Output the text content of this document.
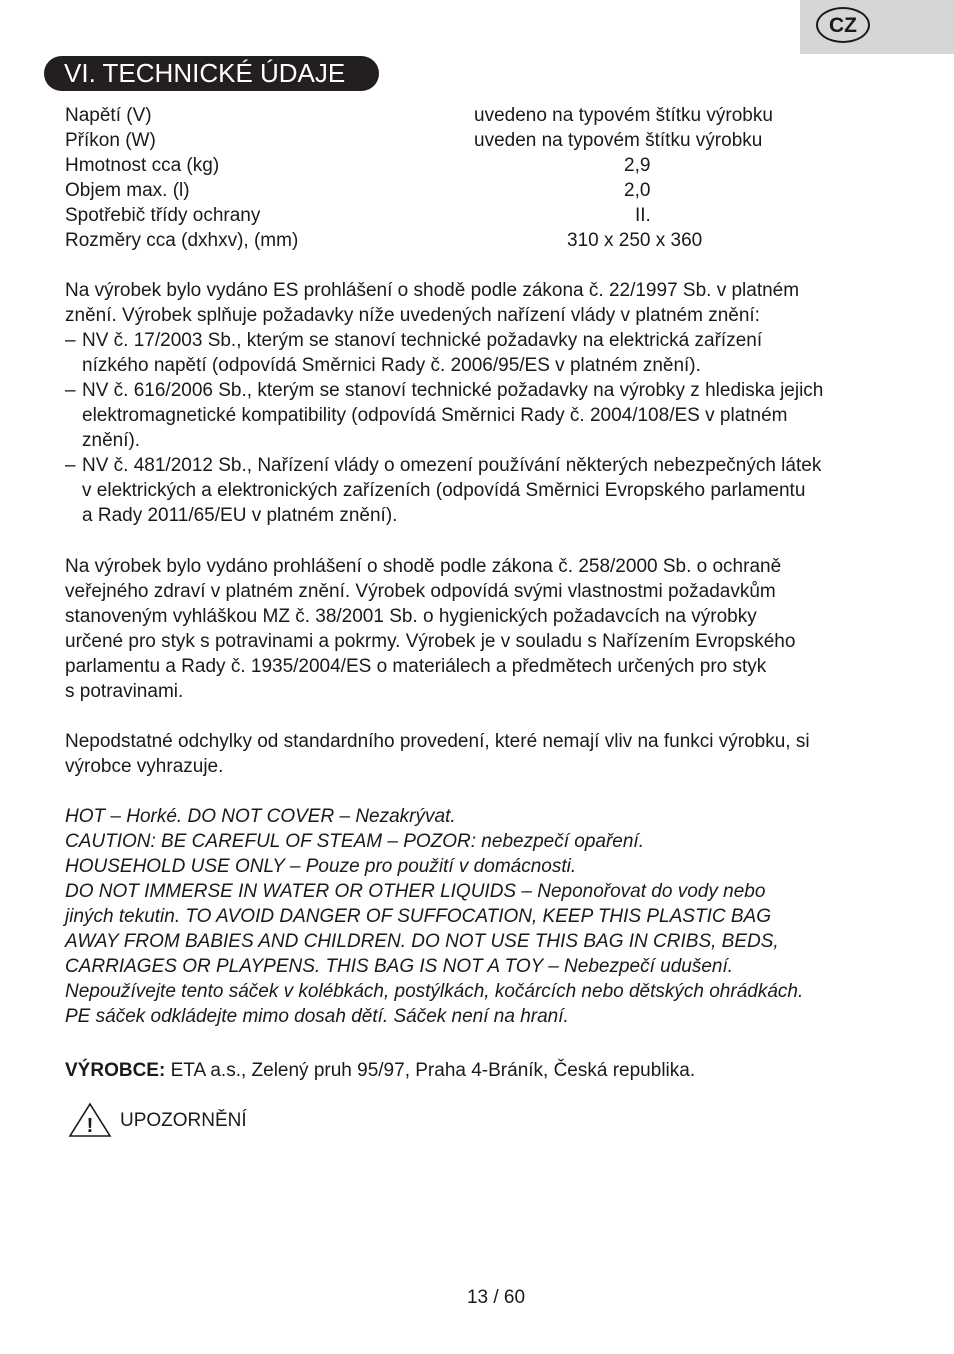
CZ
VI. TECHNICKÉ ÚDAJE
Napětí (V)	uvedeno na typovém štítku výrobku
Příkon (W)	uveden na typovém štítku výrobku
Hmotnost cca (kg)	2,9
Objem max. (l)	2,0
Spotřebič třídy ochrany	II.
Rozměry cca (dxhxv), (mm)	310 x 250 x 360

Na výrobek bylo vydáno ES prohlášení o shodě podle zákona č. 22/1997 Sb. v platném

znění. Výrobek splňuje požadavky níže uvedených nařízení vlády v platném znění:

– NV č. 17/2003 Sb., kterým se stanoví technické požadavky na elektrická zařízení
nízkého napětí (odpovídá Směrnici Rady č. 2006/95/ES v platném znění).
– NV č. 616/2006 Sb., kterým se stanoví technické požadavky na výrobky z hlediska jejich
elektromagnetické kompatibility (odpovídá Směrnici Rady č. 2004/108/ES v platném
znění).
– NV č. 481/2012 Sb., Nařízení vlády o omezení používání některých nebezpečných látek
v elektrických a elektronických zařízeních (odpovídá Směrnici Evropského parlamentu
a Rady 2011/65/EU v platném znění).
Na výrobek bylo vydáno prohlášení o shodě podle zákona č. 258/2000 Sb. o ochraně
veřejného zdraví v platném znění. Výrobek odpovídá svými vlastnostmi požadavkům
stanoveným vyhláškou MZ č. 38/2001 Sb. o hygienických požadavcích na výrobky
určené pro styk s potravinami a pokrmy. Výrobek je v souladu s Nařízením Evropského
parlamentu a Rady č. 1935/2004/ES o materiálech a předmětech určených pro styk
s potravinami.
Nepodstatné odchylky od standardního provedení, které nemají vliv na funkci výrobku, si
výrobce vyhrazuje.
HOT – Horké. DO NOT COVER – Nezakrývat.
CAUTION: BE CAREFUL OF STEAM – POZOR: nebezpečí opaření.
HOUSEHOLD USE ONLY – Pouze pro použití v domácnosti.
DO NOT IMMERSE IN WATER OR OTHER LIQUIDS – Neponořovat do vody nebo
jiných tekutin. TO AVOID DANGER OF SUFFOCATION, KEEP THIS PLASTIC BAG
AWAY FROM BABIES AND CHILDREN. DO NOT USE THIS BAG IN CRIBS, BEDS,
CARRIAGES OR PLAYPENS. THIS BAG IS NOT A TOY – Nebezpečí udušení.
Nepoužívejte tento sáček v kolébkách, postýlkách, kočárcích nebo dětských ohrádkách.
PE sáček odkládejte mimo dosah dětí. Sáček není na hraní.
VÝROBCE: ETA a.s., Zelený pruh 95/97, Praha 4-Bráník, Česká republika.
! UPOZORNĚNÍ
13 / 60
